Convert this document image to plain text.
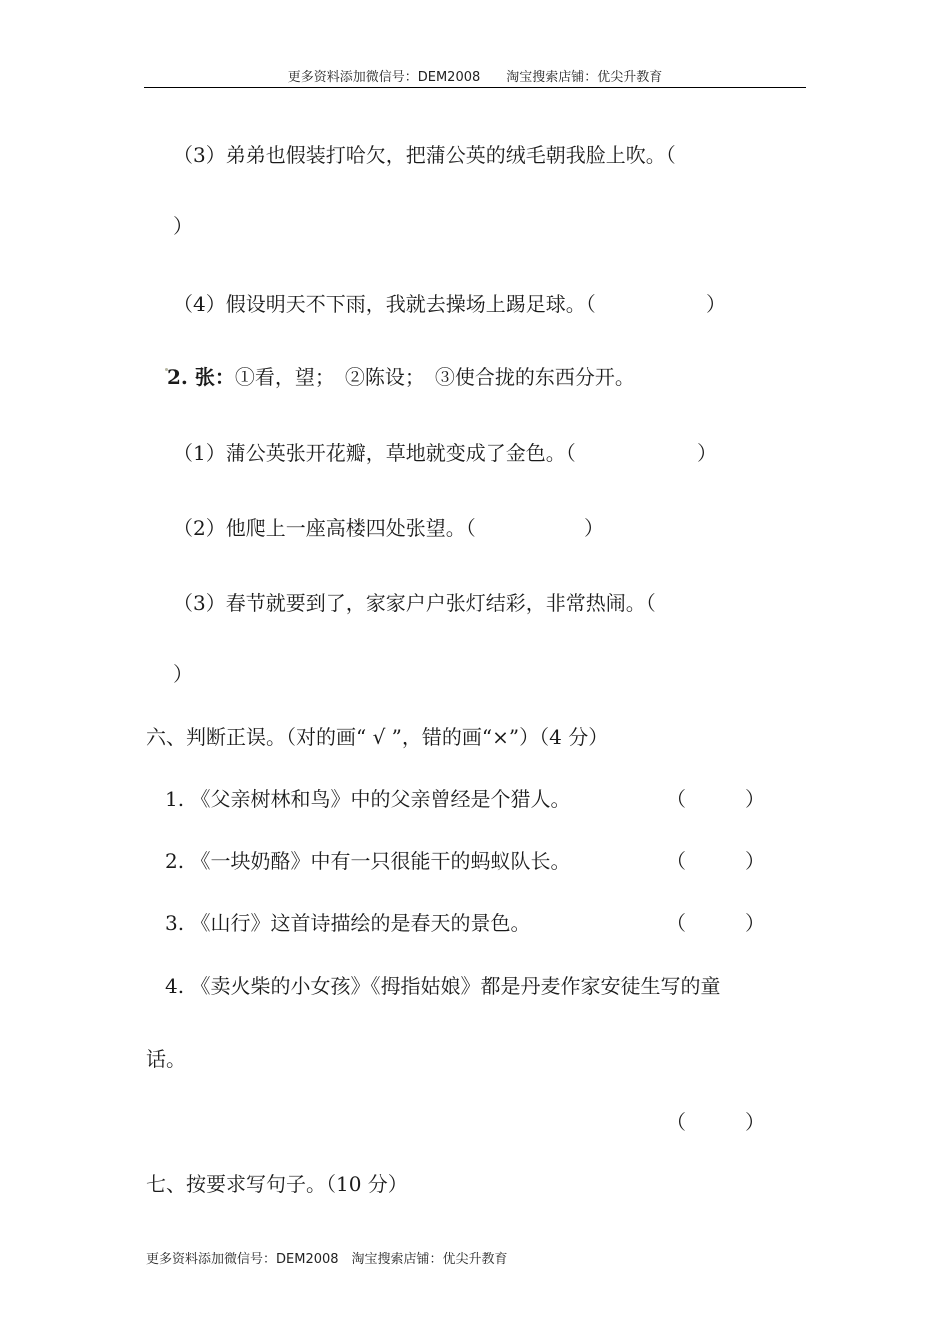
更多资料添加微信号：DEM2008　　淘宝搜索店铺：优尖升教育
（3）弟弟也假装打哈欠，把蒲公英的绒毛朝我脸上吹。（
）
（4）假设明天不下雨，我就去操场上踢足球。（	）
2. 张：①看，望；　②陈设；　③使合拢的东西分开。
（1）蒲公英张开花瓣，草地就变成了金色。（	）
（2）他爬上一座高楼四处张望。（	）
（3）春节就要到了，家家户户张灯结彩，非常热闹。（
）
六、判断正误。（对的画“ √ ”，错的画“×”）（4 分）
1. 《父亲树林和鸟》中的父亲曾经是个猎人。	（	）
2. 《一块奶酪》中有一只很能干的蚂蚁队长。	（	）
3. 《山行》这首诗描绘的是春天的景色。	（	）
4. 《卖火柴的小女孩》《拇指姑娘》都是丹麦作家安徒生写的童
话。
（	）
七、按要求写句子。（10 分）
更多资料添加微信号：DEM2008　淘宝搜索店铺：优尖升教育
